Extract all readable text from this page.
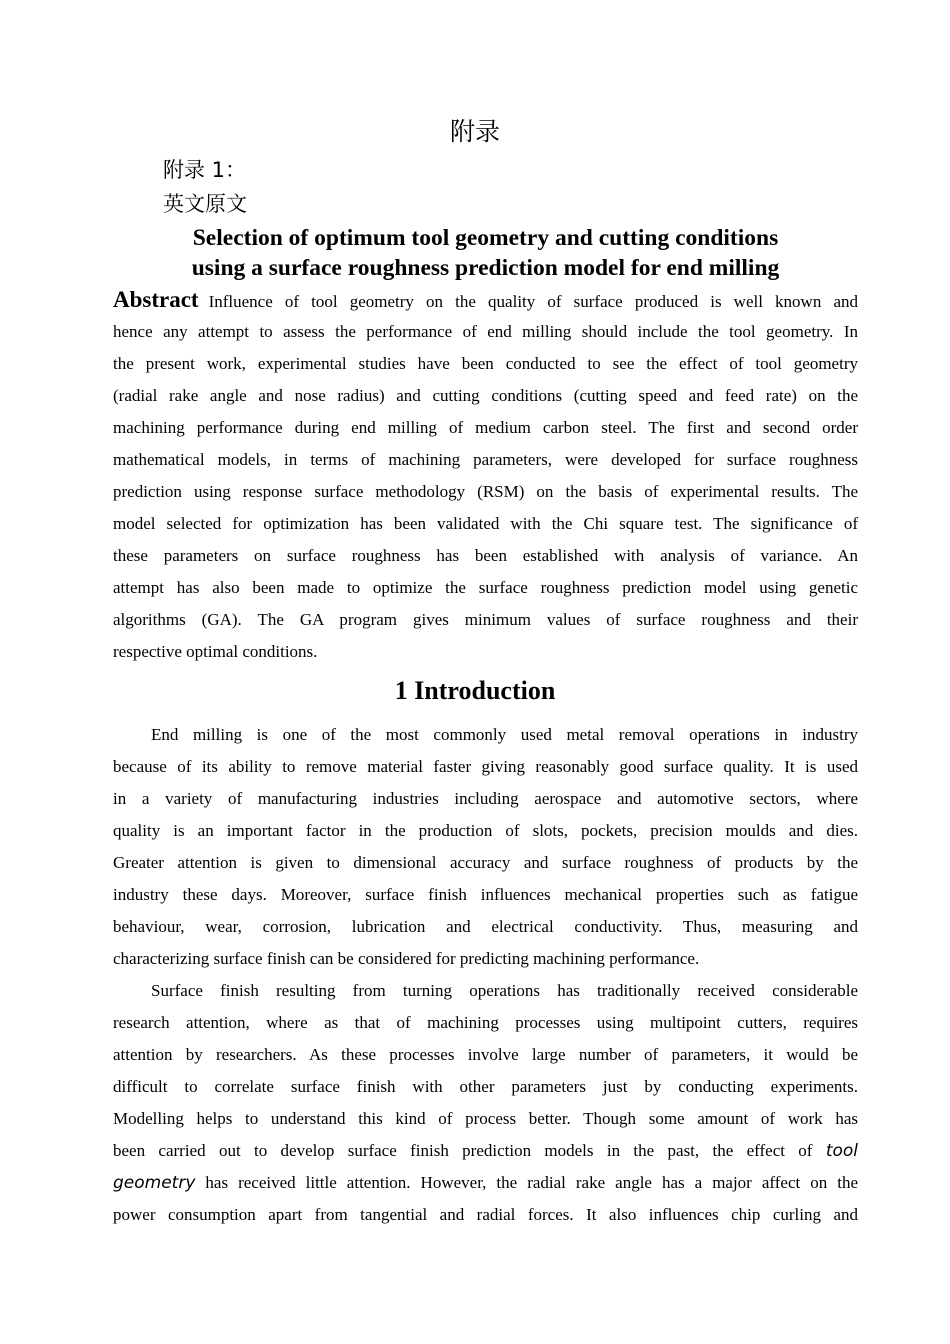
附录
附录 1：
英文原文
Selection of optimum tool geometry and cutting conditions
using a surface roughness prediction model for end milling
Abstract Influence of tool geometry on the quality of surface produced is well known and
hence any attempt to assess the performance of end milling should include the tool geometry. In
the present work, experimental studies have been conducted to see the effect of tool geometry
(radial rake angle and nose radius) and cutting conditions (cutting speed and feed rate) on the
machining performance during end milling of medium carbon steel. The first and second order
mathematical models, in terms of machining parameters, were developed for surface roughness
prediction using response surface methodology (RSM) on the basis of experimental results. The
model selected for optimization has been validated with the Chi square test. The significance of
these parameters on surface roughness has been established with analysis of variance. An
attempt has also been made to optimize the surface roughness prediction model using genetic
algorithms (GA). The GA program gives minimum values of surface roughness and their
respective optimal conditions.
1 Introduction
End milling is one of the most commonly used metal removal operations in industry
because of its ability to remove material faster giving reasonably good surface quality. It is used
in a variety of manufacturing industries including aerospace and automotive sectors, where
quality is an important factor in the production of slots, pockets, precision moulds and dies.
Greater attention is given to dimensional accuracy and surface roughness of products by the
industry these days. Moreover, surface finish influences mechanical properties such as fatigue
behaviour, wear, corrosion, lubrication and electrical conductivity. Thus, measuring and
characterizing surface finish can be considered for predicting machining performance.
Surface finish resulting from turning operations has traditionally received considerable
research attention, where as that of machining processes using multipoint cutters, requires
attention by researchers. As these processes involve large number of parameters, it would be
difficult to correlate surface finish with other parameters just by conducting experiments.
Modelling helps to understand this kind of process better. Though some amount of work has
been carried out to develop surface finish prediction models in the past, the effect of tool
geometry has received little attention. However, the radial rake angle has a major affect on the
power consumption apart from tangential and radial forces. It also influences chip curling and
